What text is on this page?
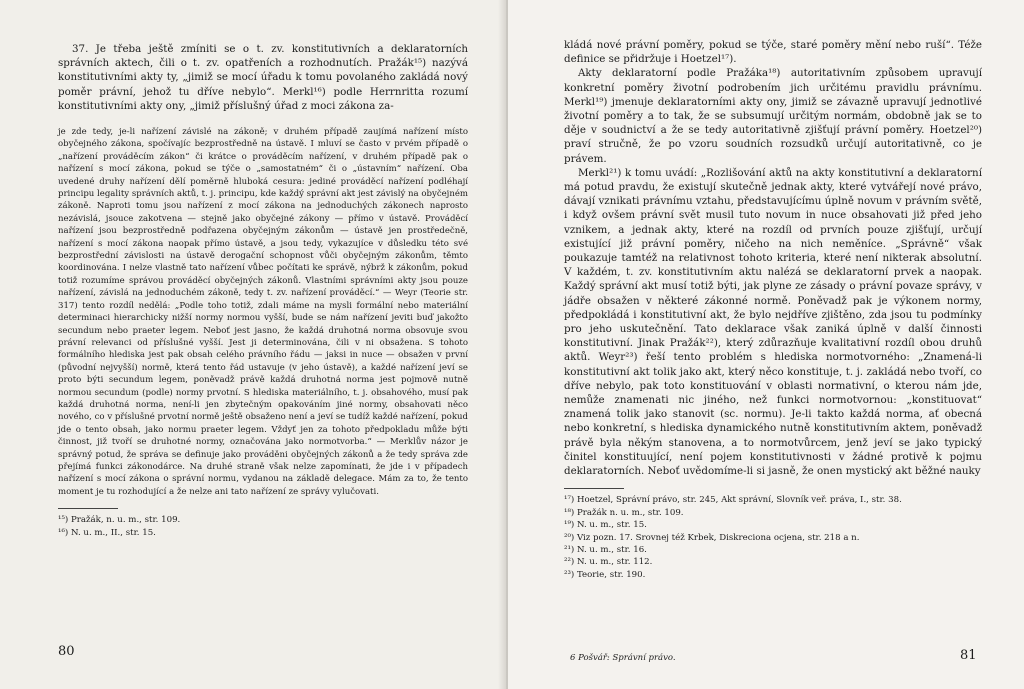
37. Je třeba ještě zmíniti se o t. zv. konstitutivních a deklaratorních správních aktech, čili o t. zv. opatřeních a rozhodnutích. Pražák¹⁵) nazývá konstitutivními akty ty, „jimiž se mocí úřadu k tomu povolaného zakládá nový poměr právní, jehož tu dříve nebylo“. Merkl¹⁶) podle Herrnritta rozumí konstitutivními akty ony, „jimiž příslušný úřad z moci zákona za-

je zde tedy, je-li nařízení závislé na zákoně; v druhém případě zaujímá nařízení místo obyčejného zákona, spočívajíc bezprostředně na ústavě. I mluví se často v prvém případě o „nařízení prováděcím zákon“ či krátce o prováděcím nařízení, v druhém případě pak o nařízení s mocí zákona, pokud se týče o „samostatném“ či o „ústavním“ nařízení. Oba uvedené druhy nařízení dělí poměrně hluboká cesura: jediné prováděcí nařízení podléhají principu legality správních aktů, t. j. principu, kde každý správní akt jest závislý na obyčejném zákoně. Naproti tomu jsou nařízení z mocí zákona na jednoduchých zákonech naprosto nezávislá, jsouce zakotvena — stejně jako obyčejné zákony — přímo v ústavě. Prováděcí nařízení jsou bezprostředně podřazena obyčejným zákonům — ústavě jen prostředečně, nařízení s mocí zákona naopak přímo ústavě, a jsou tedy, vykazujíce v důsledku této své bezprostřední závislosti na ústavě derogační schopnost vůči obyčejným zákonům, těmto koordinována. I nelze vlastně tato nařízení vůbec počítati ke správě, nýbrž k zákonům, pokud totiž rozumíme správou prováděcí obyčejných zákonů. Vlastními správními akty jsou pouze nařízení, závislá na jednoduchém zákoně, tedy t. zv. nařízení prováděcí.“ — Weyr (Teorie str. 317) tento rozdíl nedělá: „Podle toho totiž, zdali máme na mysli formální nebo materiální determinaci hierarchicky nižší normy normou vyšší, bude se nám nařízení jeviti buď jakožto secundum nebo praeter legem. Neboť jest jasno, že každá druhotná norma obsovuje svou právní relevanci od příslušné vyšší. Jest ji determinována, čili v ni obsažena. S tohoto formálního hlediska jest pak obsah celého právního řádu — jaksi in nuce — obsažen v první (původní nejvyšší) normě, která tento řád ustavuje (v jeho ústavě), a každé nařízení jeví se proto býti secundum legem, poněvadž právě každá druhotná norma jest pojmově nutně normou secundum (podle) normy prvotní. S hlediska materiálního, t. j. obsahového, musí pak každá druhotná norma, není-li jen zbytečným opakováním jiné normy, obsahovati něco nového, co v příslušné prvotní normě ještě obsaženo není a jeví se tudíž každé nařízení, pokud jde o tento obsah, jako normu praeter legem. Vždyť jen za tohoto předpokladu může býti činnost, již tvoří se druhotné normy, označována jako normotvorba.“ — Merklův názor je správný potud, že správa se definuje jako prováděni obyčejných zákonů a že tedy správa zde přejímá funkci zákonodárce. Na druhé straně však nelze zapomínati, že jde i v případech nařízení s mocí zákona o správní normu, vydanou na základě delegace. Mám za to, že tento moment je tu rozhodující a že nelze ani tato nařízení ze správy vylučovati.

¹⁵) Pražák, n. u. m., str. 109.

¹⁶) N. u. m., II., str. 15.

80

kládá nové právní poměry, pokud se týče, staré poměry mění nebo ruší“. Téže definice se přidržuje i Hoetzel¹⁷).

Akty deklaratorní podle Pražáka¹⁸) autoritativním způsobem upravují konkretní poměry životní podrobením jich určitému pravidlu právnímu. Merkl¹⁹) jmenuje deklaratorními akty ony, jimiž se závazně upravují jednotlivé životní poměry a to tak, že se subsumují určitým normám, obdobně jak se to děje v soudnictví a že se tedy autoritativně zjišťují právní poměry. Hoetzel²⁰) praví stručně, že po vzoru soudních rozsudků určují autoritativně, co je právem.

Merkl²¹) k tomu uvádí: „Rozlišování aktů na akty konstitutivní a deklaratorní má potud pravdu, že existují skutečně jednak akty, které vytvářejí nové právo, dávají vznikati právnímu vztahu, představujícímu úplně novum v právním světě, i když ovšem právní svět musil tuto novum in nuce obsahovati již před jeho vznikem, a jednak akty, které na rozdíl od prvních pouze zjišťují, určují existující již právní poměry, ničeho na nich neměníce. „Správně“ však poukazuje tamtéž na relativnost tohoto kriteria, které není nikterak absolutní. V každém, t. zv. konstitutivním aktu nalézá se deklaratorní prvek a naopak. Každý správní akt musí totiž býti, jak plyne ze zásady o právní povaze správy, v jádře obsažen v některé zákonné normě. Poněvadž pak je výkonem normy, předpokládá i konstitutivní akt, že bylo nejdříve zjištěno, zda jsou tu podmínky pro jeho uskutečnění. Tato deklarace však zaniká úplně v další činnosti konstitutivní. Jinak Pražák²²), který zdůrazňuje kvalitativní rozdíl obou druhů aktů. Weyr²³) řeší tento problém s hlediska normotvorného: „Znamená-li konstitutivní akt tolik jako akt, který něco konstituje, t. j. zakládá nebo tvoří, co dříve nebylo, pak toto konstituování v oblasti normativní, o kterou nám jde, nemůže znamenati nic jiného, než funkci normotvornou: „konstituovat“ znamená tolik jako stanovit (sc. normu). Je-li takto každá norma, ať obecná nebo konkretní, s hlediska dynamického nutně konstitutivním aktem, poněvadž právě byla někým stanovena, a to normotvůrcem, jenž jeví se jako typický činitel konstituující, není pojem konstitutivnosti v žádné protivě k pojmu deklaratorních. Neboť uvědomíme-li si jasně, že onen mystický akt běžné nauky

¹⁷) Hoetzel, Správní právo, str. 245, Akt správní, Slovník veř. práva, I., str. 38.

¹⁸) Pražák n. u. m., str. 109.

¹⁹) N. u. m., str. 15.

²⁰) Viz pozn. 17. Srovnej též Krbek, Diskreciona ocjena, str. 218 a n.

²¹) N. u. m., str. 16.

²²) N. u. m., str. 112.

²³) Teorie, str. 190.

6 Pošvář: Správní právo.	81
